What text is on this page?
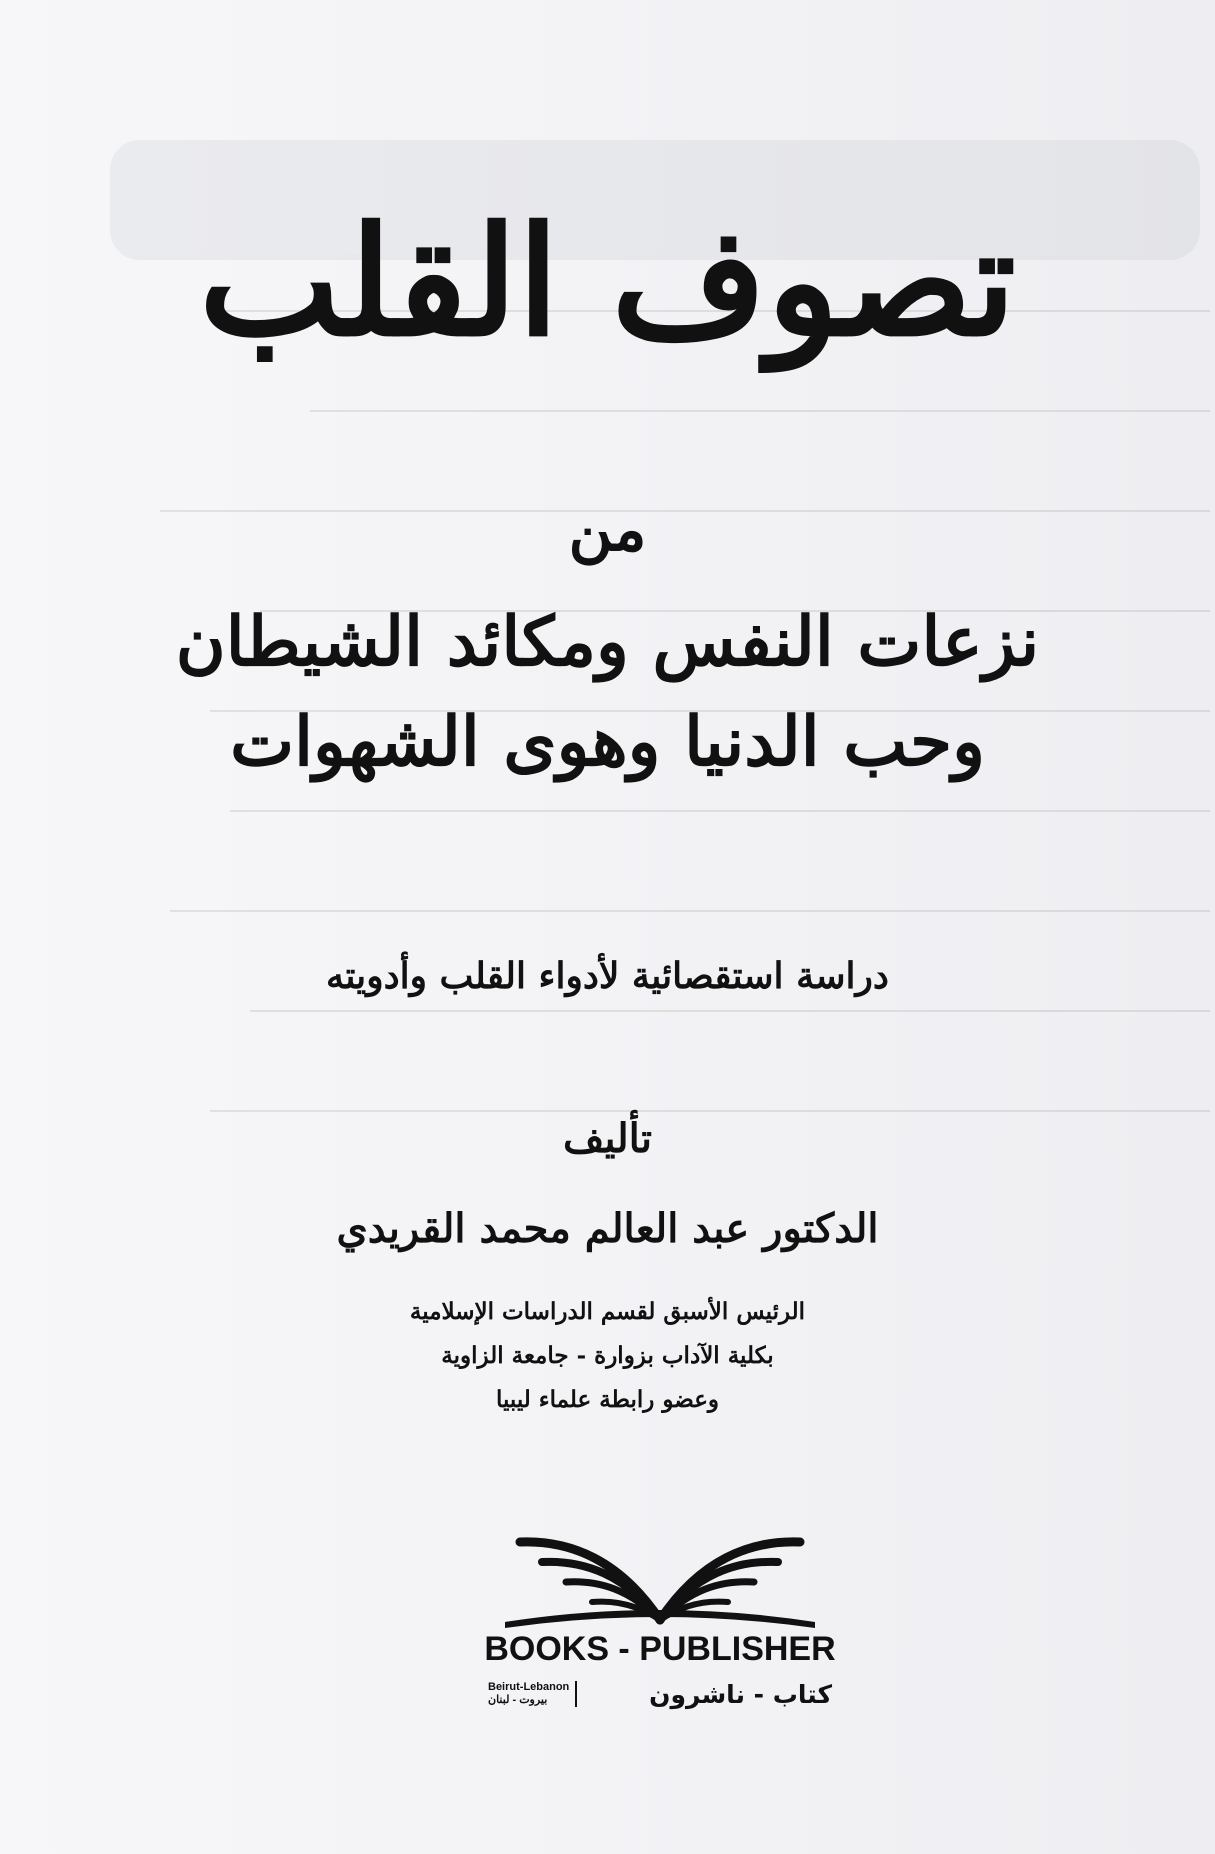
تصوف القلب
من
نزعات النفس ومكائد الشيطان
وحب الدنيا وهوى الشهوات
دراسة استقصائية لأدواء القلب وأدويته
تأليف
الدكتور عبد العالم محمد القريدي
الرئيس الأسبق لقسم الدراسات الإسلامية
بكلية الآداب بزوارة - جامعة الزاوية
وعضو رابطة علماء ليبيا
BOOKS - PUBLISHER
Beirut-Lebanon
بيروت - لبنان	كتاب - ناشرون
